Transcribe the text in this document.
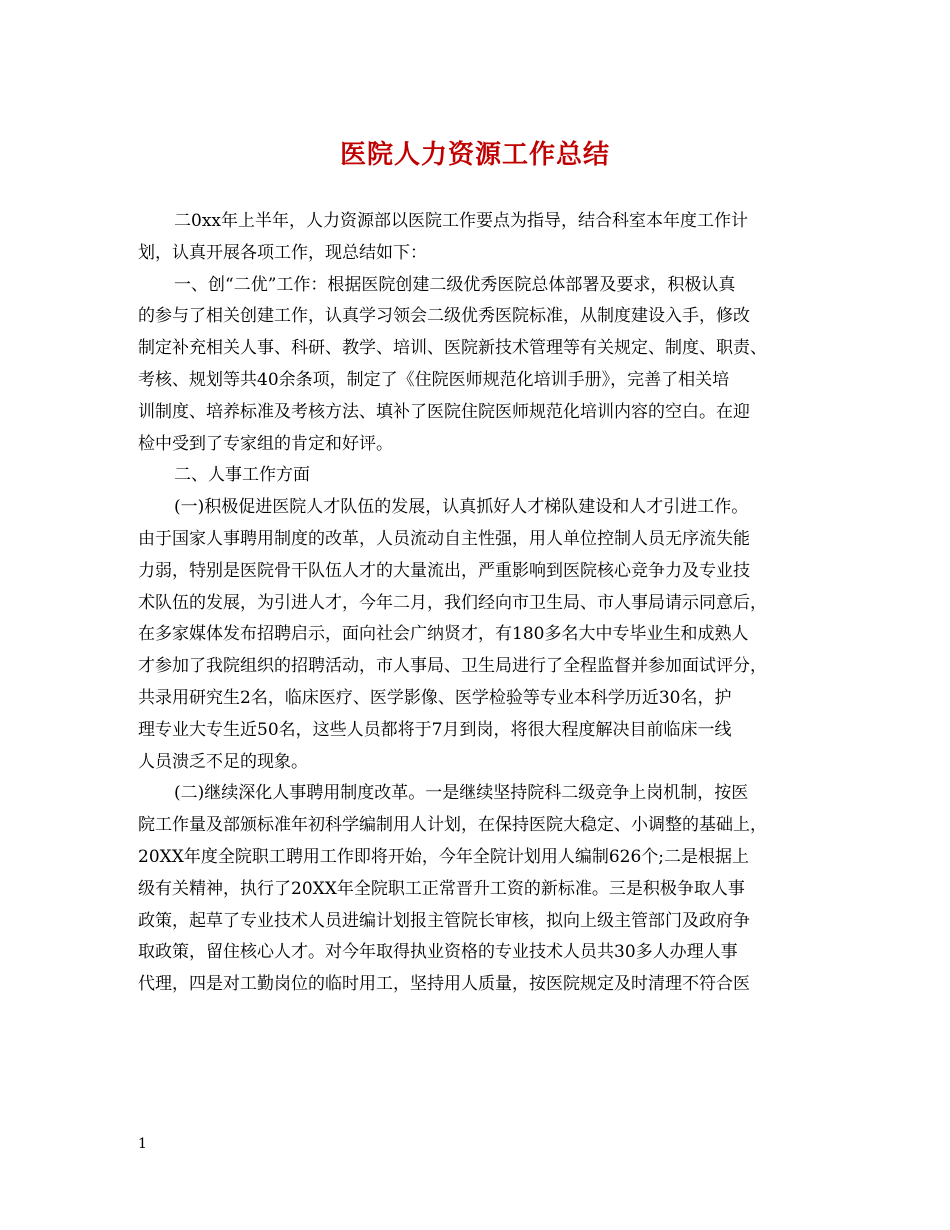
医院人力资源工作总结
二0xx年上半年，人力资源部以医院工作要点为指导，结合科室本年度工作计
划，认真开展各项工作，现总结如下：
一、创“二优”工作：根据医院创建二级优秀医院总体部署及要求，积极认真
的参与了相关创建工作，认真学习领会二级优秀医院标准，从制度建设入手，修改
制定补充相关人事、科研、教学、培训、医院新技术管理等有关规定、制度、职责、
考核、规划等共40余条项，制定了《住院医师规范化培训手册》，完善了相关培
训制度、培养标准及考核方法、填补了医院住院医师规范化培训内容的空白。在迎
检中受到了专家组的肯定和好评。
二、人事工作方面
(一)积极促进医院人才队伍的发展，认真抓好人才梯队建设和人才引进工作。
由于国家人事聘用制度的改革，人员流动自主性强，用人单位控制人员无序流失能
力弱，特别是医院骨干队伍人才的大量流出，严重影响到医院核心竞争力及专业技
术队伍的发展，为引进人才，今年二月，我们经向市卫生局、市人事局请示同意后，
在多家媒体发布招聘启示，面向社会广纳贤才，有180多名大中专毕业生和成熟人
才参加了我院组织的招聘活动，市人事局、卫生局进行了全程监督并参加面试评分，
共录用研究生2名，临床医疗、医学影像、医学检验等专业本科学历近30名，护
理专业大专生近50名，这些人员都将于7月到岗，将很大程度解决目前临床一线
人员溃乏不足的现象。
(二)继续深化人事聘用制度改革。一是继续坚持院科二级竞争上岗机制，按医
院工作量及部颁标准年初科学编制用人计划，在保持医院大稳定、小调整的基础上，
20XX年度全院职工聘用工作即将开始，今年全院计划用人编制626个;二是根据上
级有关精神，执行了20XX年全院职工正常晋升工资的新标准。三是积极争取人事
政策，起草了专业技术人员进编计划报主管院长审核，拟向上级主管部门及政府争
取政策，留住核心人才。对今年取得执业资格的专业技术人员共30多人办理人事
代理，四是对工勤岗位的临时用工，坚持用人质量，按医院规定及时清理不符合医
1
